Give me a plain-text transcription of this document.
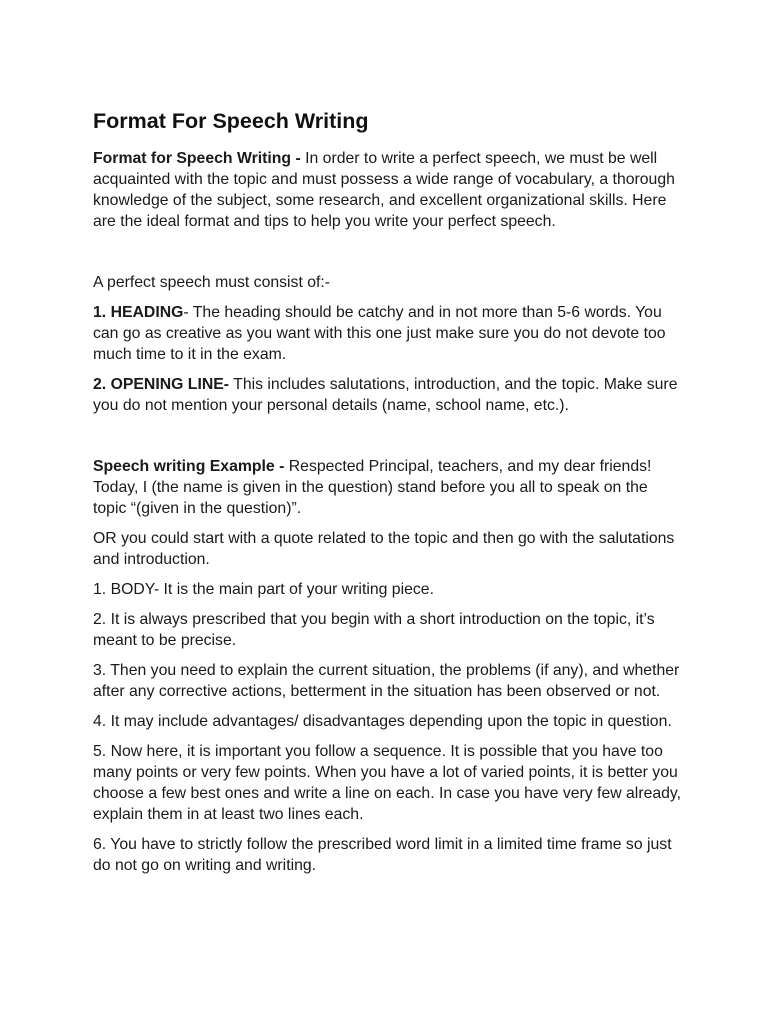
Format For Speech Writing

Format for Speech Writing - In order to write a perfect speech, we must be well acquainted with the topic and must possess a wide range of vocabulary, a thorough knowledge of the subject, some research, and excellent organizational skills. Here are the ideal format and tips to help you write your perfect speech.

A perfect speech must consist of:-

1. HEADING- The heading should be catchy and in not more than 5-6 words. You can go as creative as you want with this one just make sure you do not devote too much time to it in the exam.

2. OPENING LINE- This includes salutations, introduction, and the topic. Make sure you do not mention your personal details (name, school name, etc.).

Speech writing Example - Respected Principal, teachers, and my dear friends! Today, I (the name is given in the question) stand before you all to speak on the topic “(given in the question)”.

OR you could start with a quote related to the topic and then go with the salutations and introduction.

1. BODY- It is the main part of your writing piece.

2. It is always prescribed that you begin with a short introduction on the topic, it’s meant to be precise.

3. Then you need to explain the current situation, the problems (if any), and whether after any corrective actions, betterment in the situation has been observed or not.

4. It may include advantages/ disadvantages depending upon the topic in question.

5. Now here, it is important you follow a sequence. It is possible that you have too many points or very few points. When you have a lot of varied points, it is better you choose a few best ones and write a line on each. In case you have very few already, explain them in at least two lines each.

6. You have to strictly follow the prescribed word limit in a limited time frame so just do not go on writing and writing.
